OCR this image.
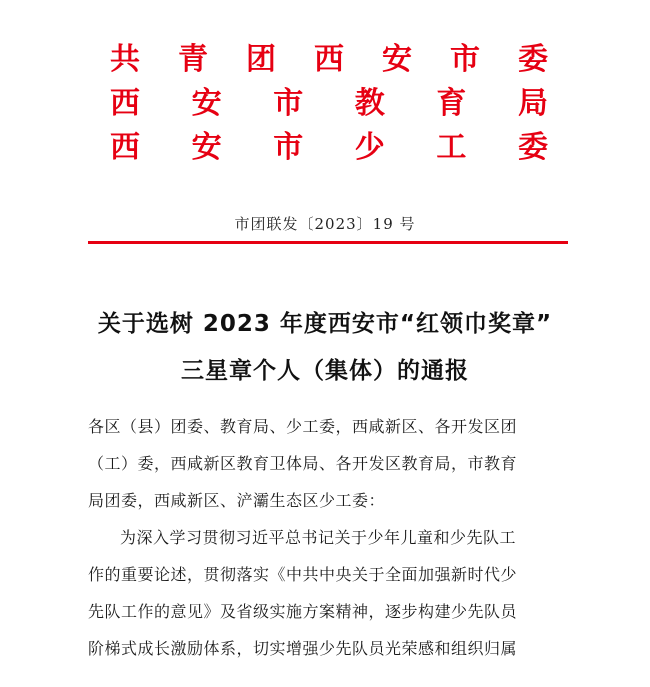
共 青 团 西 安 市 委
西 安 市 教 育 局
西 安 市 少 工 委
市团联发〔2023〕19 号
关于选树 2023 年度西安市“红领巾奖章”
三星章个人（集体）的通报
各区（县）团委、教育局、少工委，西咸新区、各开发区团
（工）委，西咸新区教育卫体局、各开发区教育局，市教育
局团委，西咸新区、浐灞生态区少工委：
为深入学习贯彻习近平总书记关于少年儿童和少先队工
作的重要论述，贯彻落实《中共中央关于全面加强新时代少
先队工作的意见》及省级实施方案精神，逐步构建少先队员
阶梯式成长激励体系，切实增强少先队员光荣感和组织归属
